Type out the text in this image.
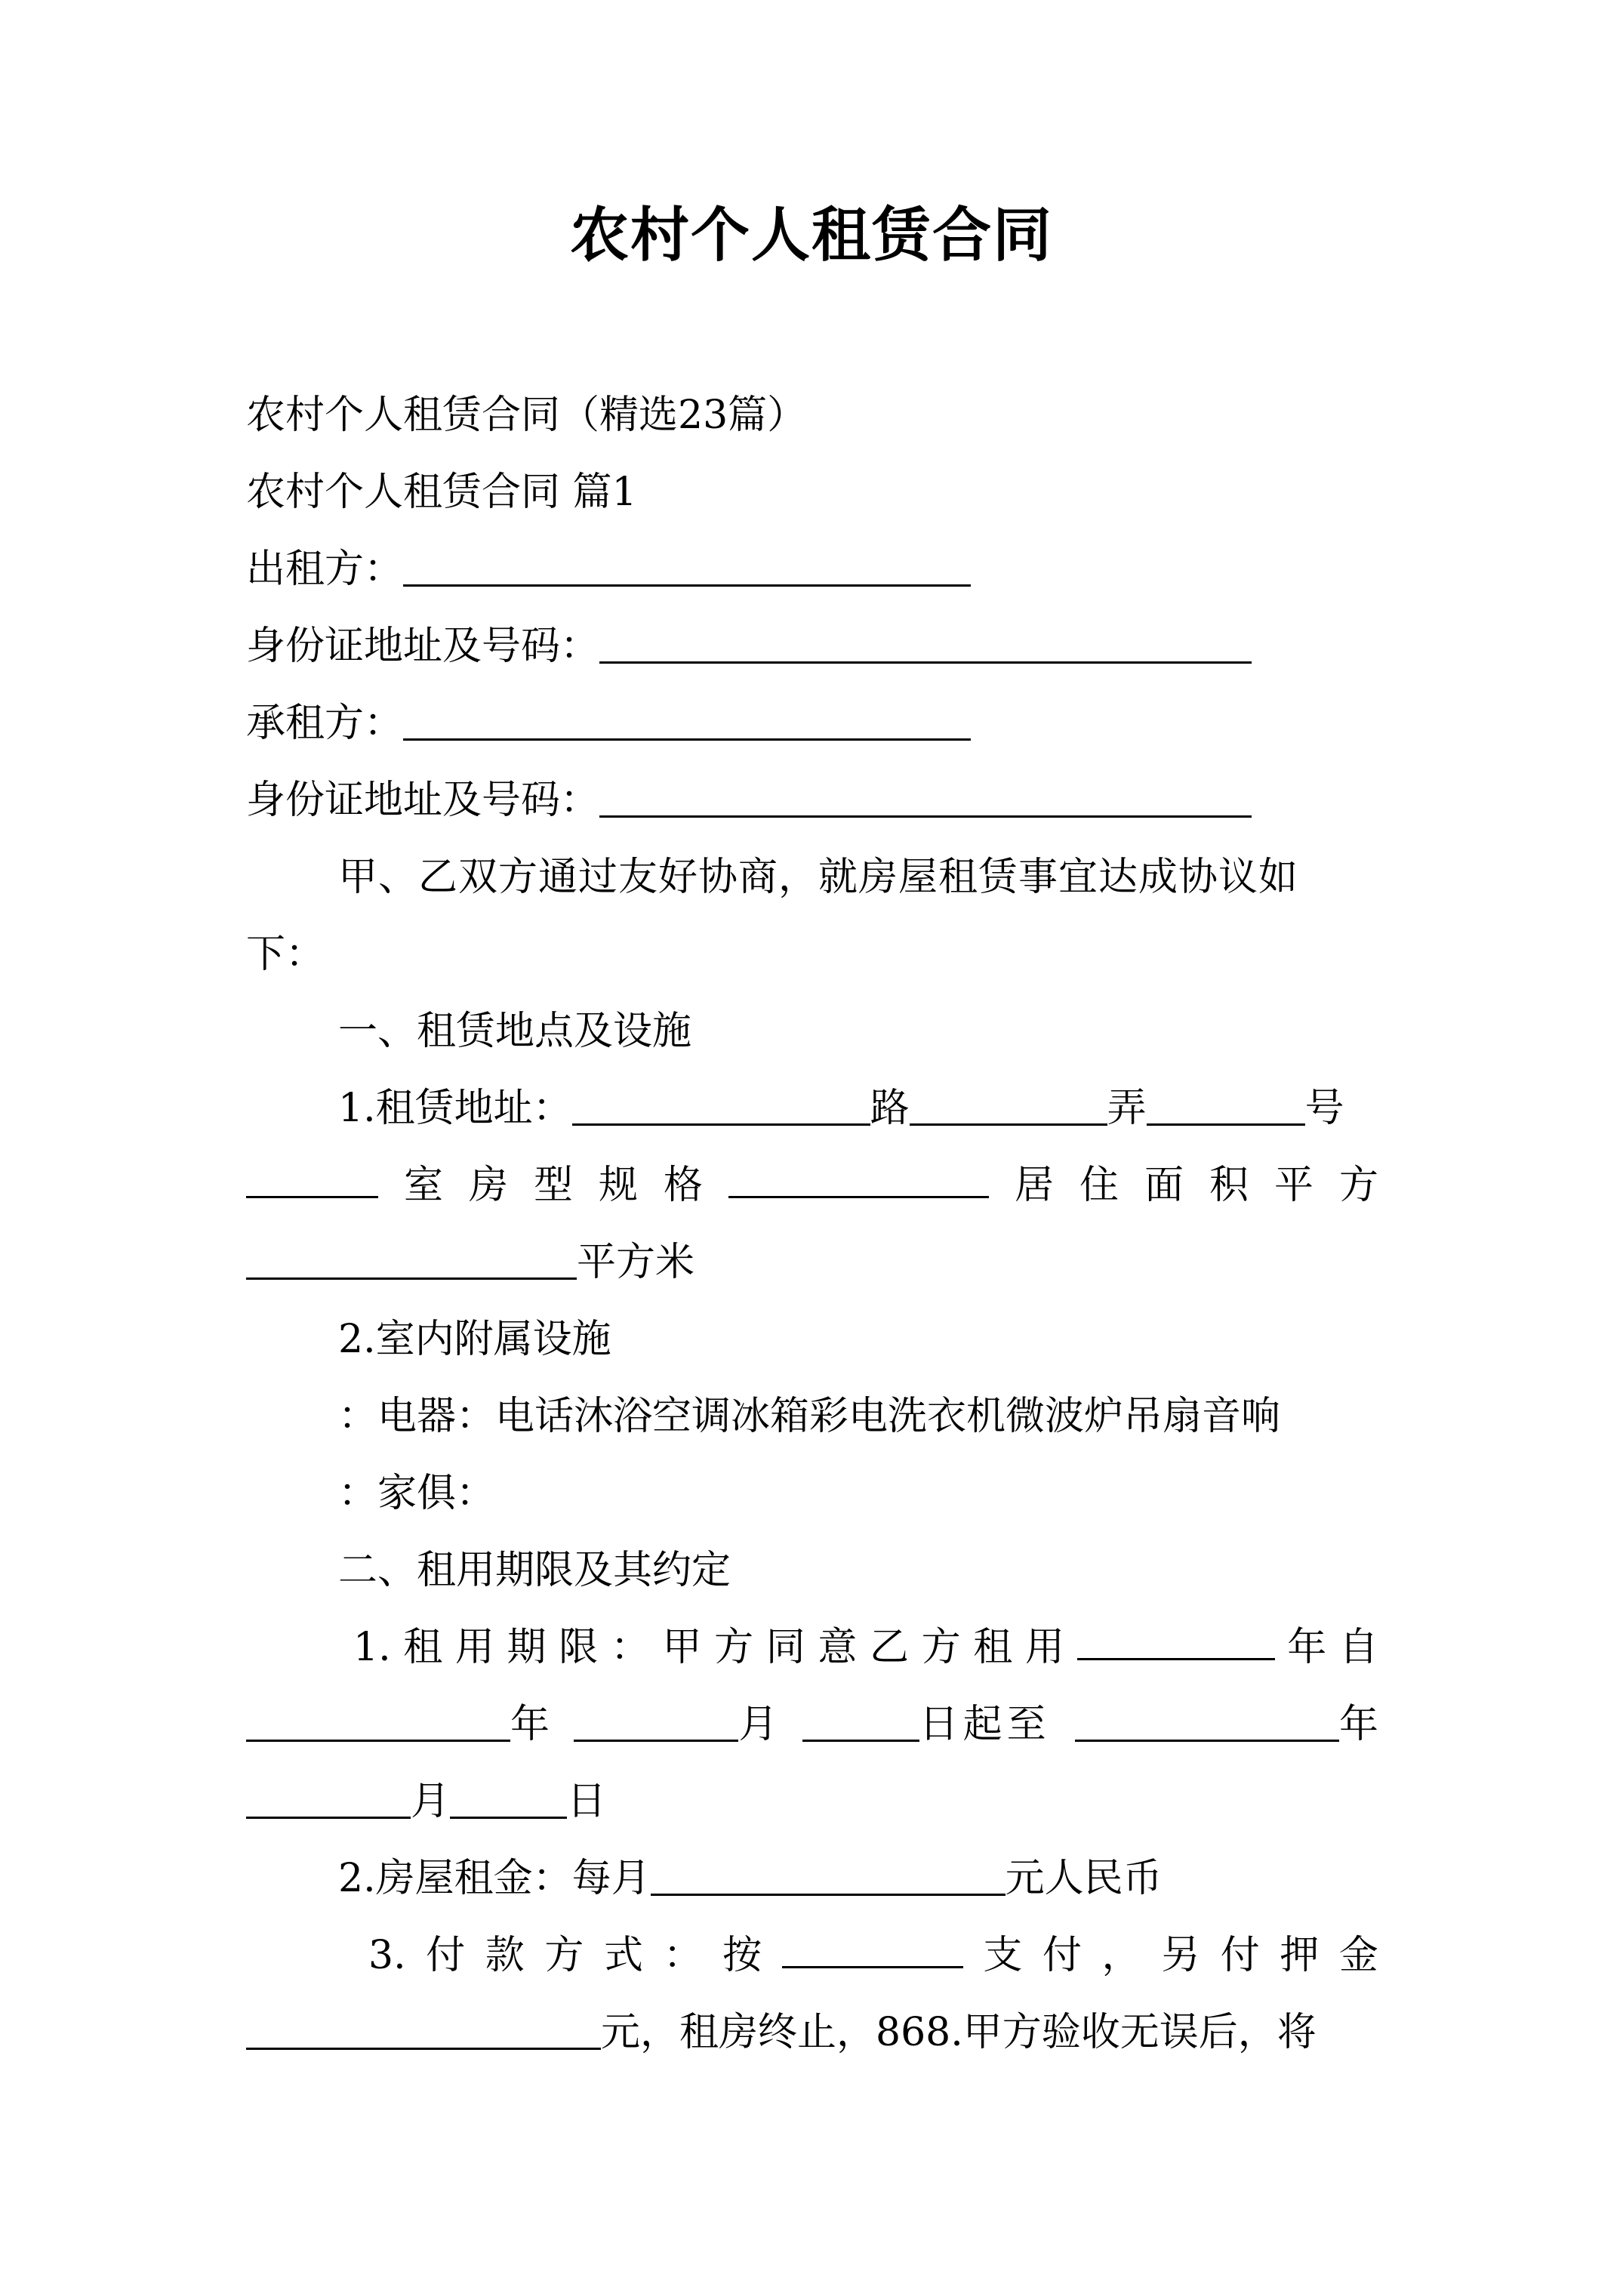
农村个人租赁合同
农村个人租赁合同（精选23篇）
农村个人租赁合同 篇1
出租方：
身份证地址及号码：
承租方：
身份证地址及号码：
甲、乙双方通过友好协商，就房屋租赁事宜达成协议如
下：
一、租赁地点及设施
1.租赁地址：	路	弄	号
室 房 型 规 格	居 住 面 积 平 方
平方米
2.室内附属设施
：电器：电话沐浴空调冰箱彩电洗衣机微波炉吊扇音响
：家俱：
二、租用期限及其约定
1. 租 用 期 限 ： 甲 方 同 意 乙 方 租 用	年 自
年	月	日起至	年
月	日
2.房屋租金：每月	元人民币
3. 付 款 方 式 ： 按	支 付 ， 另 付 押 金
元，租房终止，868.甲方验收无误后，将
